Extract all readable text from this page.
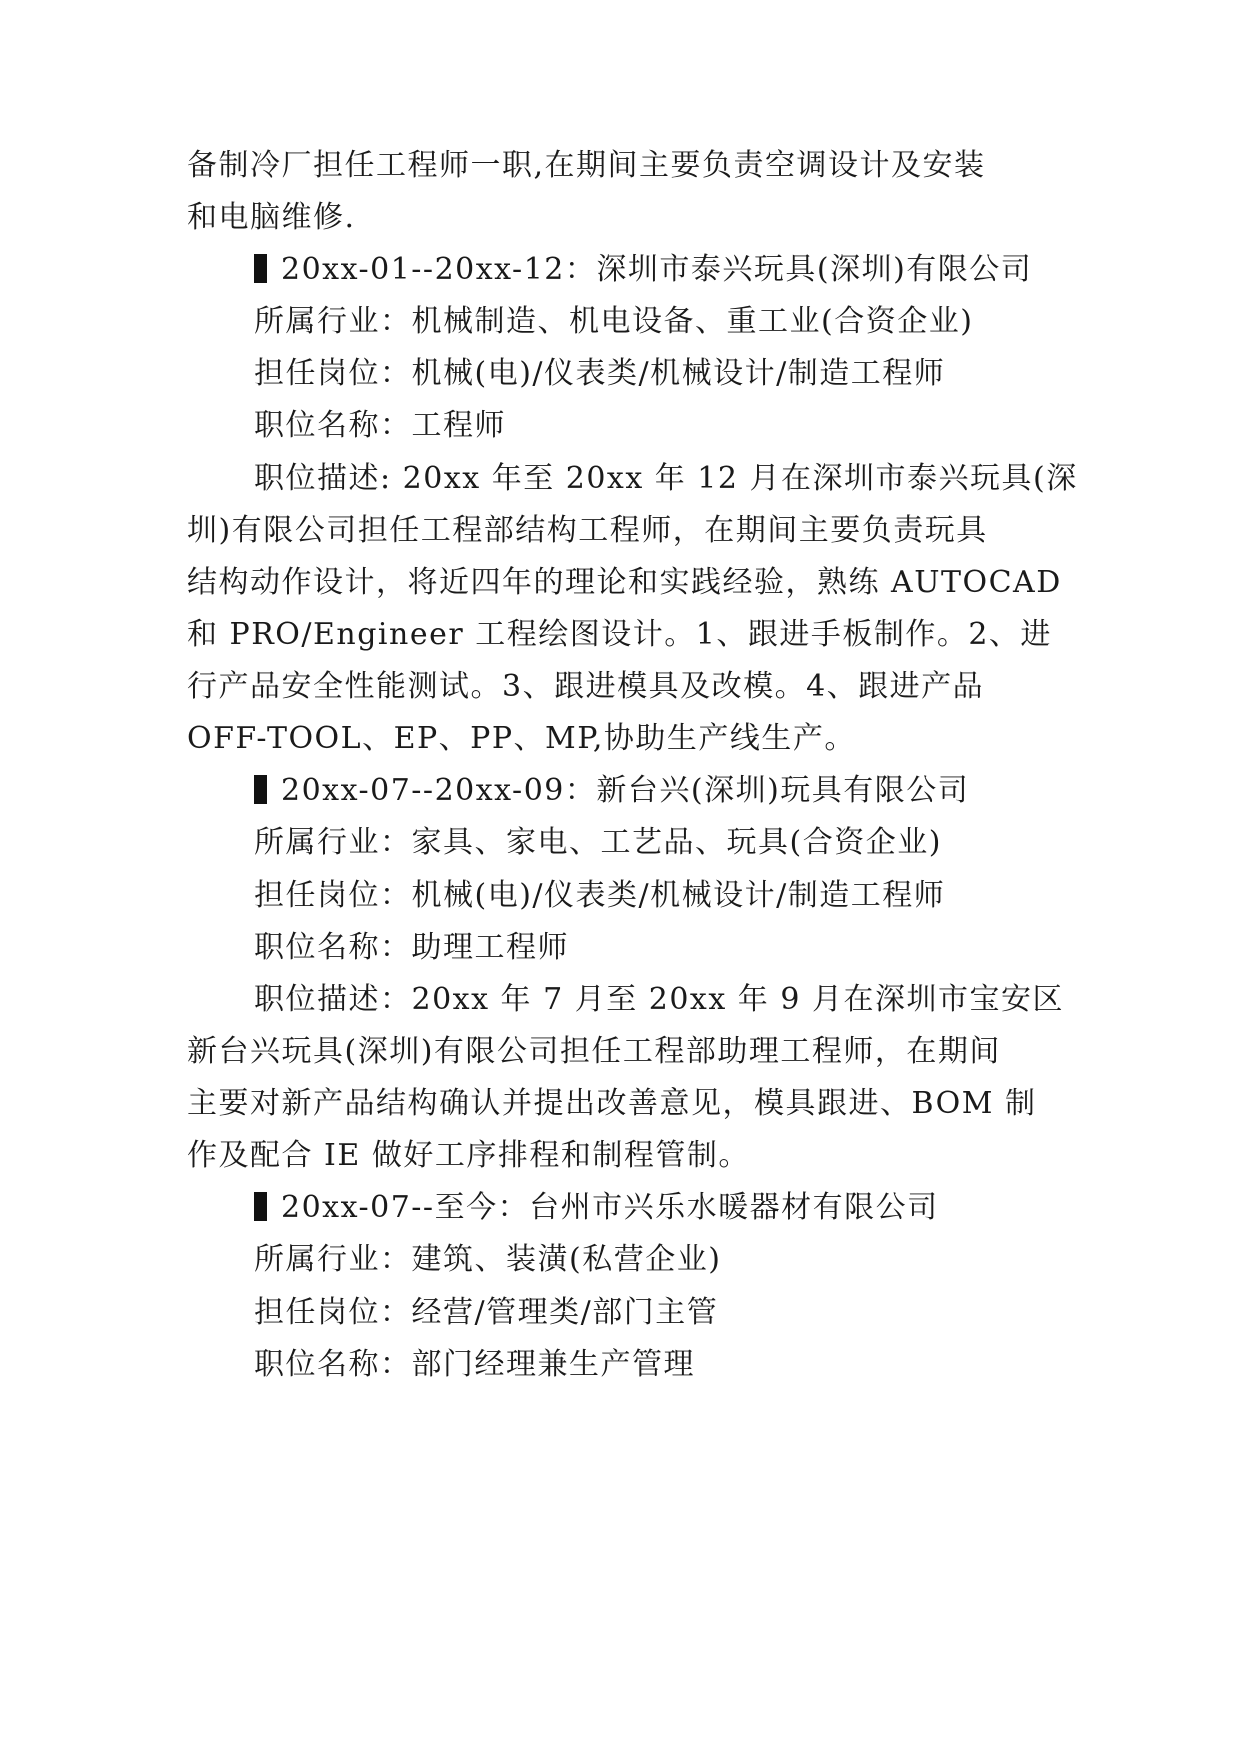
备制冷厂担任工程师一职,在期间主要负责空调设计及安装
和电脑维修.
20xx-01--20xx-12：深圳市泰兴玩具(深圳)有限公司
所属行业：机械制造、机电设备、重工业(合资企业)
担任岗位：机械(电)/仪表类/机械设计/制造工程师
职位名称：工程师
职位描述: 20xx 年至 20xx 年 12 月在深圳市泰兴玩具(深
圳)有限公司担任工程部结构工程师，在期间主要负责玩具
结构动作设计，将近四年的理论和实践经验，熟练 AUTOCAD
和 PRO/Engineer 工程绘图设计。1、跟进手板制作。2、进
行产品安全性能测试。3、跟进模具及改模。4、跟进产品
OFF-TOOL、EP、PP、MP,协助生产线生产。
20xx-07--20xx-09：新台兴(深圳)玩具有限公司
所属行业：家具、家电、工艺品、玩具(合资企业)
担任岗位：机械(电)/仪表类/机械设计/制造工程师
职位名称：助理工程师
职位描述：20xx 年 7 月至 20xx 年 9 月在深圳市宝安区
新台兴玩具(深圳)有限公司担任工程部助理工程师，在期间
主要对新产品结构确认并提出改善意见，模具跟进、BOM 制
作及配合 IE 做好工序排程和制程管制。
20xx-07--至今：台州市兴乐水暖器材有限公司
所属行业：建筑、装潢(私营企业)
担任岗位：经营/管理类/部门主管
职位名称：部门经理兼生产管理
